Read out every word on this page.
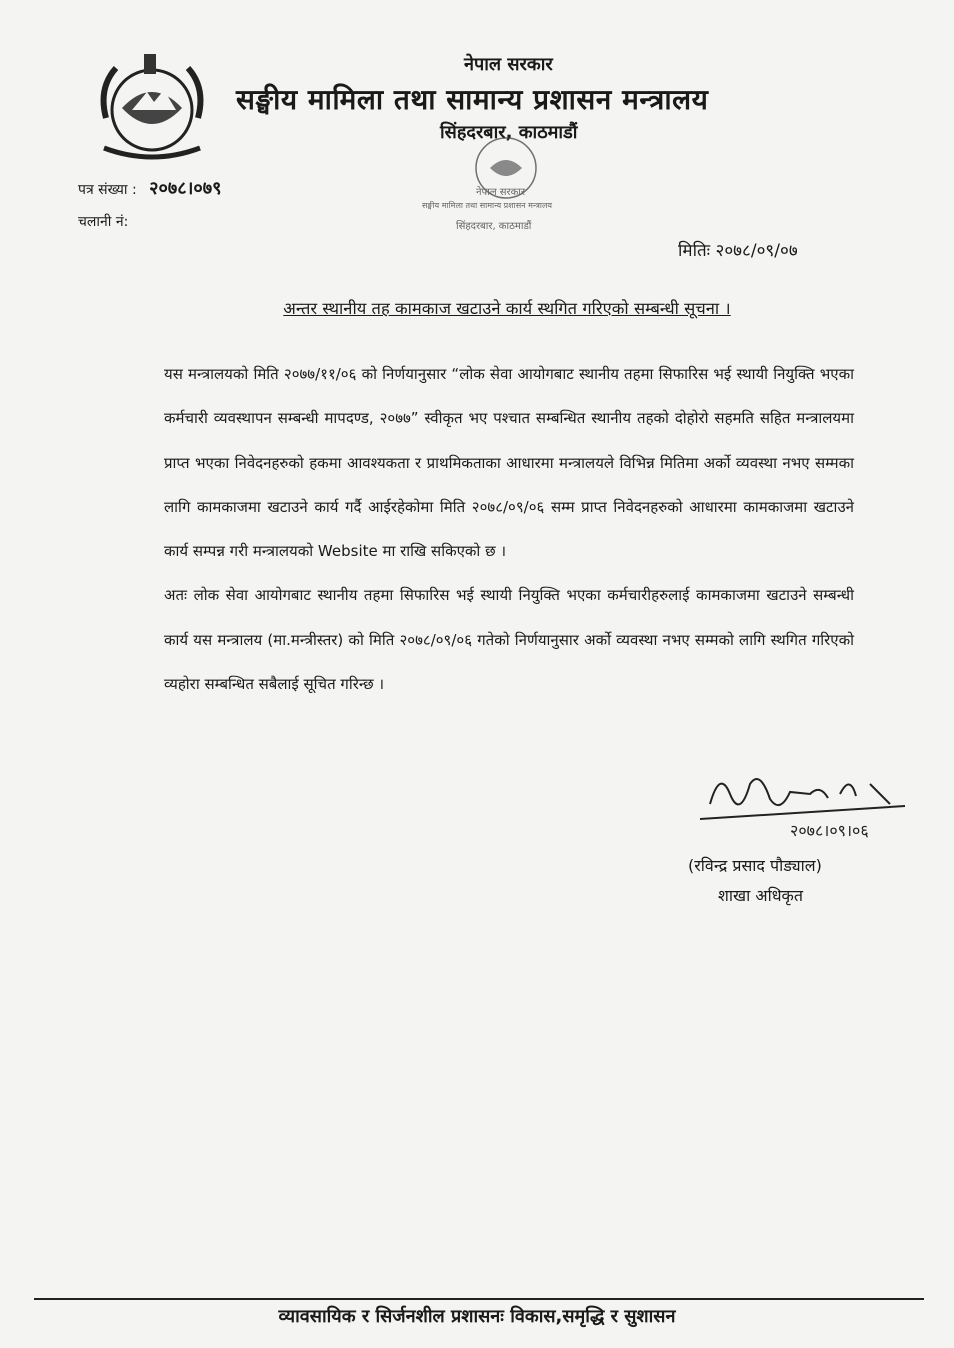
नेपाल सरकार
सङ्घीय मामिला तथा सामान्य प्रशासन मन्त्रालय
सिंहदरबार, काठमाडौं
नेपाल सरकार
सङ्घीय मामिला तथा सामान्य प्रशासन मन्त्रालय
सिंहदरबार, काठमाडौं
पत्र संख्या : २०७८।०७९
चलानी नं:
मितिः २०७८/०९/०७
अन्तर स्थानीय तह कामकाज खटाउने कार्य स्थगित गरिएको सम्बन्धी सूचना ।

यस मन्त्रालयको मिति २०७७/११/०६ को निर्णयानुसार “लोक सेवा आयोगबाट स्थानीय तहमा सिफारिस भई स्थायी नियुक्ति भएका कर्मचारी व्यवस्थापन सम्बन्धी मापदण्ड, २०७७” स्वीकृत भए पश्चात सम्बन्धित स्थानीय तहको दोहोरो सहमति सहित मन्त्रालयमा प्राप्त भएका निवेदनहरुको हकमा आवश्यकता र प्राथमिकताका आधारमा मन्त्रालयले विभिन्न मितिमा अर्को व्यवस्था नभए सम्मका लागि कामकाजमा खटाउने कार्य गर्दै आईरहेकोमा मिति २०७८/०९/०६ सम्म प्राप्त निवेदनहरुको आधारमा कामकाजमा खटाउने कार्य सम्पन्न गरी मन्त्रालयको Website मा राखि सकिएको छ ।

अतः लोक सेवा आयोगबाट स्थानीय तहमा सिफारिस भई स्थायी नियुक्ति भएका कर्मचारीहरुलाई कामकाजमा खटाउने सम्बन्धी कार्य यस मन्त्रालय (मा.मन्त्रीस्तर) को मिति २०७८/०९/०६ गतेको निर्णयानुसार अर्को व्यवस्था नभए सम्मको लागि स्थगित गरिएको व्यहोरा सम्बन्धित सबैलाई सूचित गरिन्छ ।

२०७८।०९।०६
(रविन्द्र प्रसाद पौड्याल)
शाखा अधिकृत
व्यावसायिक र सिर्जनशील प्रशासनः विकास,समृद्धि र सुशासन
